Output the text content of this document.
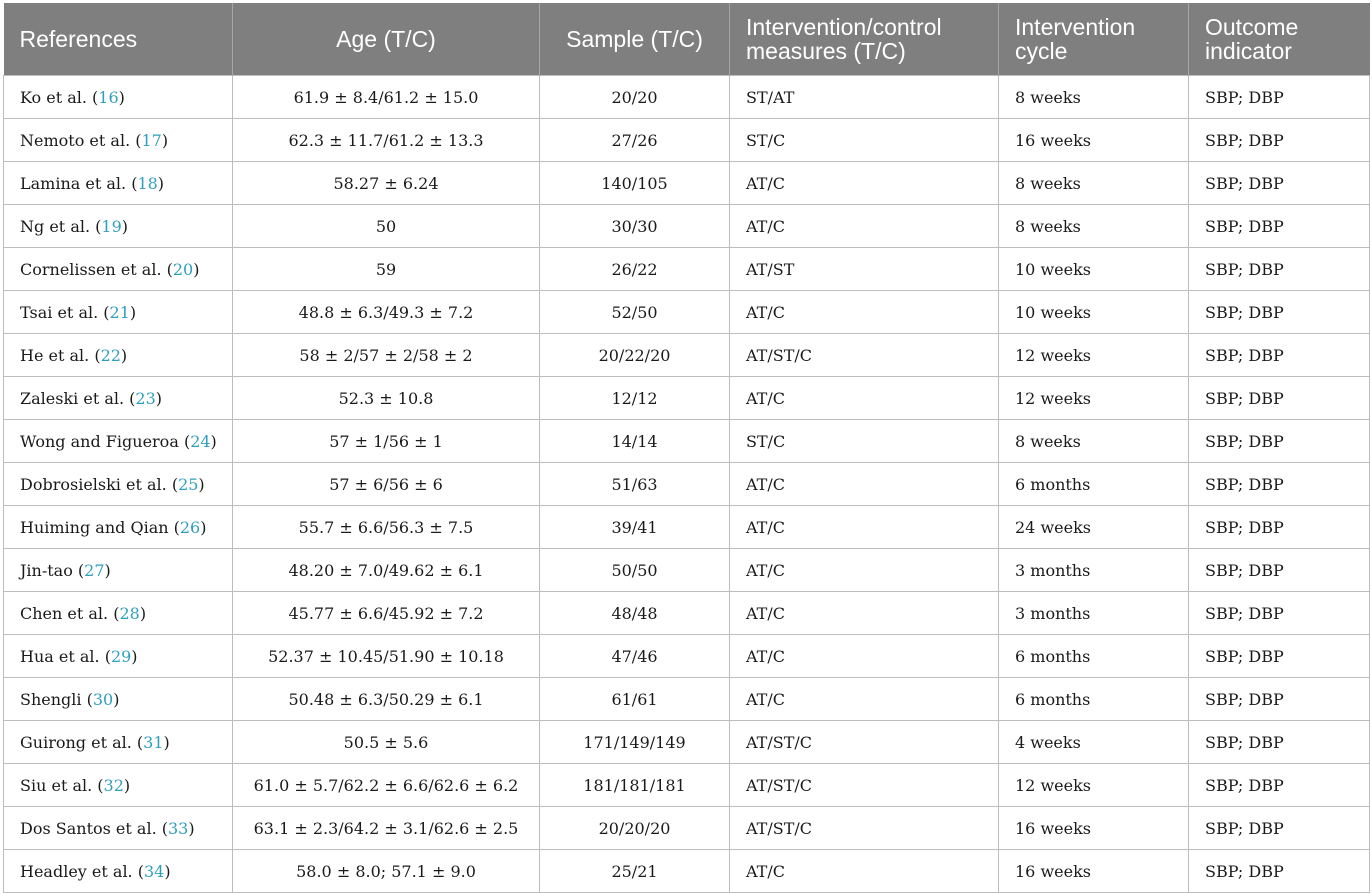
References	Age (T/C)	Sample (T/C)	Intervention/control measures (T/C)	Intervention cycle	Outcome indicator
Ko et al. (16)	61.9 ± 8.4/61.2 ± 15.0	20/20	ST/AT	8 weeks	SBP; DBP
Nemoto et al. (17)	62.3 ± 11.7/61.2 ± 13.3	27/26	ST/C	16 weeks	SBP; DBP
Lamina et al. (18)	58.27 ± 6.24	140/105	AT/C	8 weeks	SBP; DBP
Ng et al. (19)	50	30/30	AT/C	8 weeks	SBP; DBP
Cornelissen et al. (20)	59	26/22	AT/ST	10 weeks	SBP; DBP
Tsai et al. (21)	48.8 ± 6.3/49.3 ± 7.2	52/50	AT/C	10 weeks	SBP; DBP
He et al. (22)	58 ± 2/57 ± 2/58 ± 2	20/22/20	AT/ST/C	12 weeks	SBP; DBP
Zaleski et al. (23)	52.3 ± 10.8	12/12	AT/C	12 weeks	SBP; DBP
Wong and Figueroa (24)	57 ± 1/56 ± 1	14/14	ST/C	8 weeks	SBP; DBP
Dobrosielski et al. (25)	57 ± 6/56 ± 6	51/63	AT/C	6 months	SBP; DBP
Huiming and Qian (26)	55.7 ± 6.6/56.3 ± 7.5	39/41	AT/C	24 weeks	SBP; DBP
Jin-tao (27)	48.20 ± 7.0/49.62 ± 6.1	50/50	AT/C	3 months	SBP; DBP
Chen et al. (28)	45.77 ± 6.6/45.92 ± 7.2	48/48	AT/C	3 months	SBP; DBP
Hua et al. (29)	52.37 ± 10.45/51.90 ± 10.18	47/46	AT/C	6 months	SBP; DBP
Shengli (30)	50.48 ± 6.3/50.29 ± 6.1	61/61	AT/C	6 months	SBP; DBP
Guirong et al. (31)	50.5 ± 5.6	171/149/149	AT/ST/C	4 weeks	SBP; DBP
Siu et al. (32)	61.0 ± 5.7/62.2 ± 6.6/62.6 ± 6.2	181/181/181	AT/ST/C	12 weeks	SBP; DBP
Dos Santos et al. (33)	63.1 ± 2.3/64.2 ± 3.1/62.6 ± 2.5	20/20/20	AT/ST/C	16 weeks	SBP; DBP
Headley et al. (34)	58.0 ± 8.0; 57.1 ± 9.0	25/21	AT/C	16 weeks	SBP; DBP
